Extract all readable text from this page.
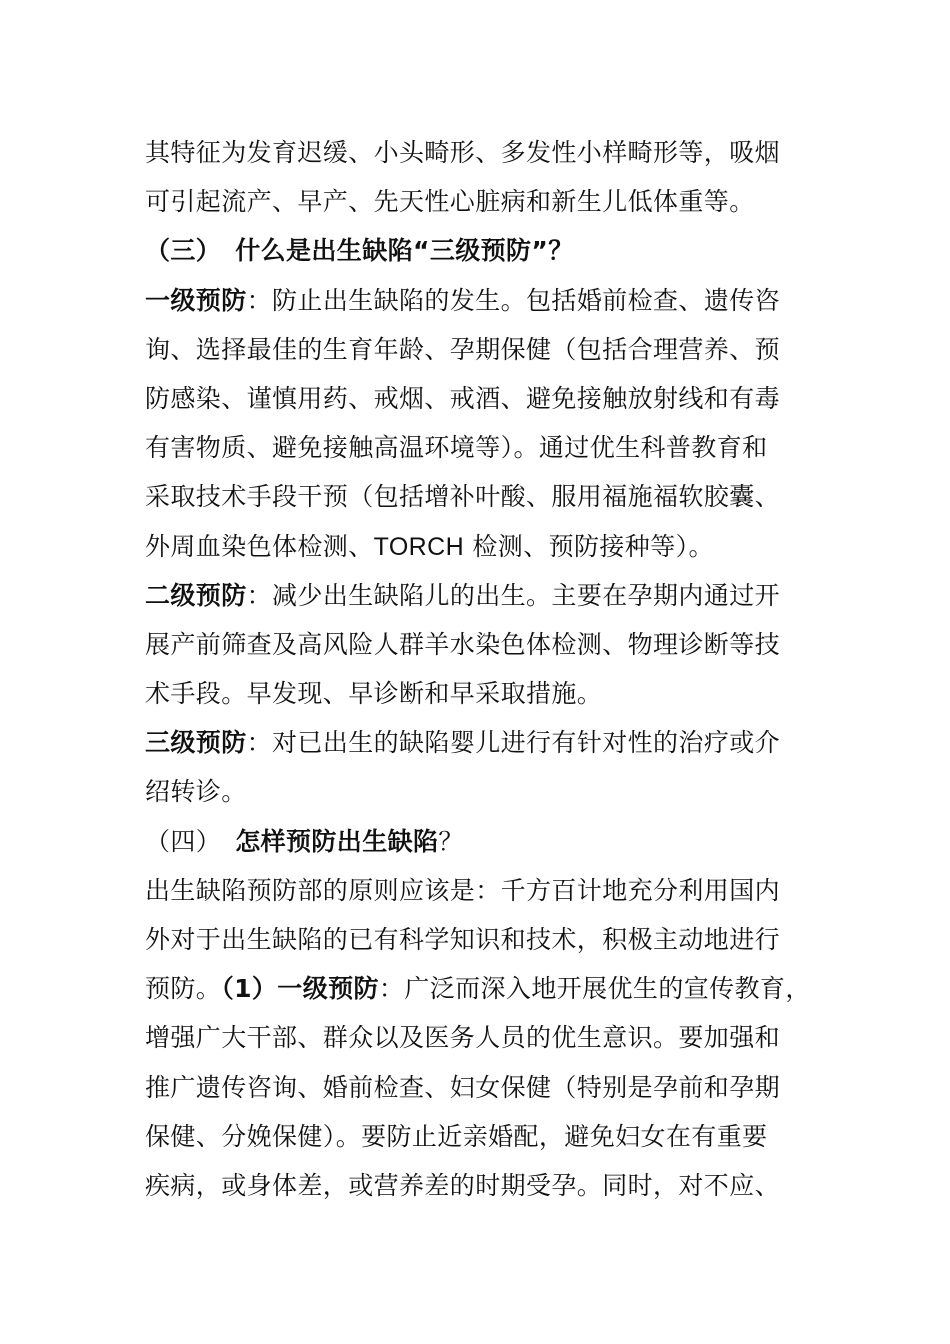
其特征为发育迟缓、小头畸形、多发性小样畸形等，吸烟
可引起流产、早产、先天性心脏病和新生儿低体重等。
（三） 什么是出生缺陷“三级预防”？
一级预防：防止出生缺陷的发生。包括婚前检查、遗传咨
询、选择最佳的生育年龄、孕期保健（包括合理营养、预
防感染、谨慎用药、戒烟、戒酒、避免接触放射线和有毒
有害物质、避免接触高温环境等）。通过优生科普教育和
采取技术手段干预（包括增补叶酸、服用福施福软胶囊、
外周血染色体检测、TORCH 检测、预防接种等）。
二级预防：减少出生缺陷儿的出生。主要在孕期内通过开
展产前筛查及高风险人群羊水染色体检测、物理诊断等技
术手段。早发现、早诊断和早采取措施。
三级预防：对已出生的缺陷婴儿进行有针对性的治疗或介
绍转诊。
（四） 怎样预防出生缺陷？
出生缺陷预防部的原则应该是：千方百计地充分利用国内
外对于出生缺陷的已有科学知识和技术，积极主动地进行
预防。（1）一级预防：广泛而深入地开展优生的宣传教育，
增强广大干部、群众以及医务人员的优生意识。要加强和
推广遗传咨询、婚前检查、妇女保健（特别是孕前和孕期
保健、分娩保健）。要防止近亲婚配，避免妇女在有重要
疾病，或身体差，或营养差的时期受孕。同时，对不应、
